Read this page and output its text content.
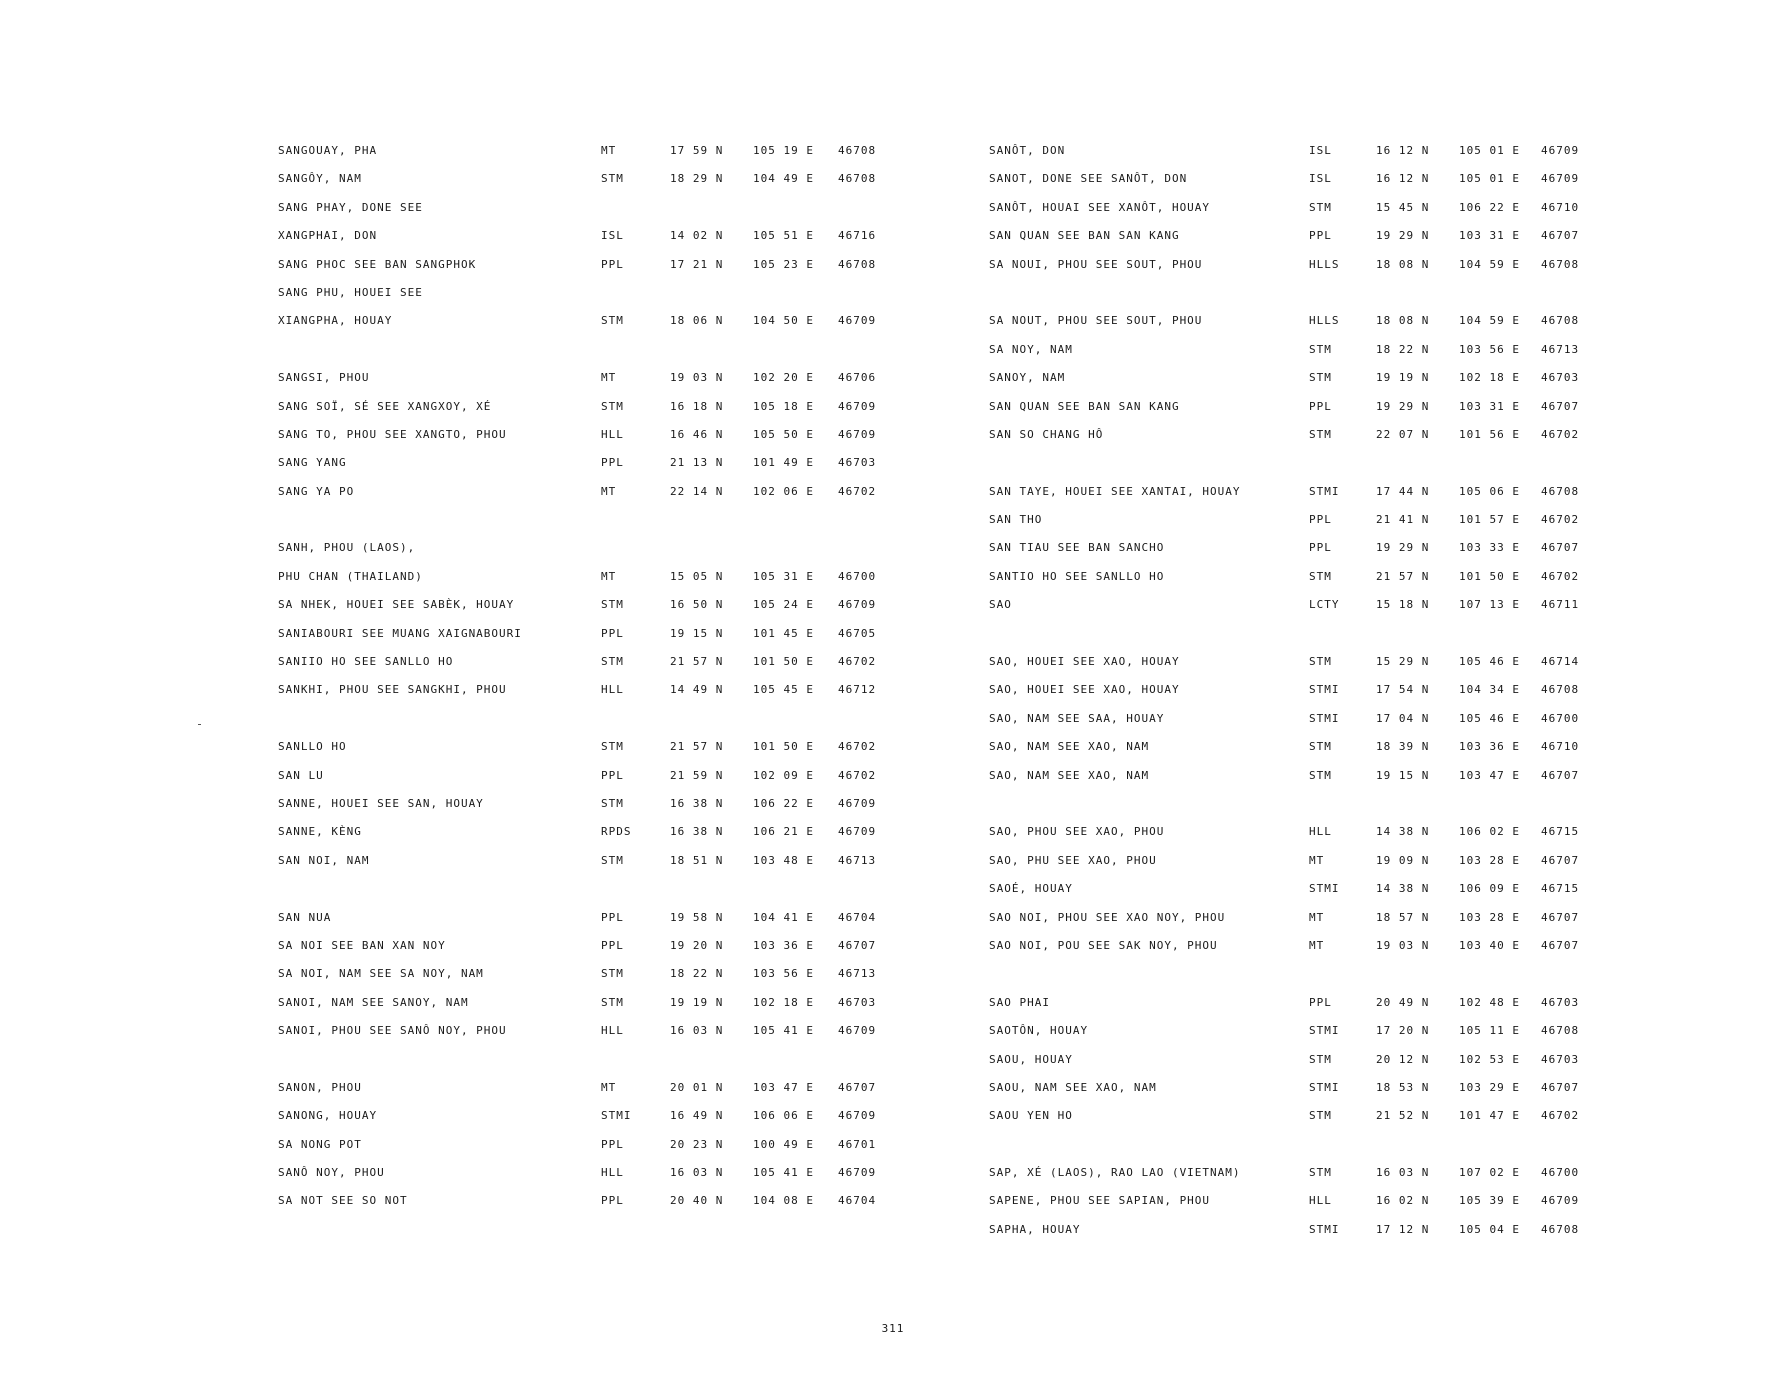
SANGOUAY, PHA	MT	17 59 N	105 19 E 46708
SANGÔY, NAM	STM	18 29 N	104 49 E 46708
SANG PHAY, DONE SEE
XANGPHAI, DON	ISL	14 02 N	105 51 E 46716
SANG PHOC SEE BAN SANGPHOK	PPL	17 21 N	105 23 E 46708
SANG PHU, HOUEI SEE
XIANGPHA, HOUAY	STM	18 06 N	104 50 E 46709
SANGSI, PHOU	MT	19 03 N	102 20 E 46706
SANG SOÏ, SÉ SEE XANGXOY, XÉ	STM	16 18 N	105 18 E 46709
SANG TO, PHOU SEE XANGTO, PHOU	HLL	16 46 N	105 50 E 46709
SANG YANG	PPL	21 13 N	101 49 E 46703
SANG YA PO	MT	22 14 N	102 06 E 46702
SANH, PHOU (LAOS),
PHU CHAN (THAILAND)	MT	15 05 N	105 31 E 46700
SA NHEK, HOUEI SEE SABÈK, HOUAY	STM	16 50 N	105 24 E 46709
SANIABOURI SEE MUANG XAIGNABOURI	PPL	19 15 N	101 45 E 46705
SANIIO HO SEE SANLLO HO	STM	21 57 N	101 50 E 46702
SANKHI, PHOU SEE SANGKHI, PHOU	HLL	14 49 N	105 45 E 46712
SANLLO HO	STM	21 57 N	101 50 E 46702
SAN LU	PPL	21 59 N	102 09 E 46702
SANNE, HOUEI SEE SAN, HOUAY	STM	16 38 N	106 22 E 46709
SANNE, KÈNG	RPDS	16 38 N	106 21 E 46709
SAN NOI, NAM	STM	18 51 N	103 48 E 46713
SAN NUA	PPL	19 58 N	104 41 E 46704
SA NOI SEE BAN XAN NOY	PPL	19 20 N	103 36 E 46707
SA NOI, NAM SEE SA NOY, NAM	STM	18 22 N	103 56 E 46713
SANOI, NAM SEE SANOY, NAM	STM	19 19 N	102 18 E 46703
SANOI, PHOU SEE SANÔ NOY, PHOU	HLL	16 03 N	105 41 E 46709
SANON, PHOU	MT	20 01 N	103 47 E 46707
SANONG, HOUAY	STMI	16 49 N	106 06 E 46709
SA NONG POT	PPL	20 23 N	100 49 E 46701
SANÔ NOY, PHOU	HLL	16 03 N	105 41 E 46709
SA NOT SEE SO NOT	PPL	20 40 N	104 08 E 46704
SANÔT, DON	ISL	16 12 N	105 01 E 46709
SANOT, DONE SEE SANÔT, DON	ISL	16 12 N	105 01 E 46709
SANÔT, HOUAI SEE XANÔT, HOUAY	STM	15 45 N	106 22 E 46710
SAN QUAN SEE BAN SAN KANG	PPL	19 29 N	103 31 E 46707
SA NOUI, PHOU SEE SOUT, PHOU	HLLS	18 08 N	104 59 E 46708
SA NOUT, PHOU SEE SOUT, PHOU	HLLS	18 08 N	104 59 E 46708
SA NOY, NAM	STM	18 22 N	103 56 E 46713
SANOY, NAM	STM	19 19 N	102 18 E 46703
SAN QUAN SEE BAN SAN KANG	PPL	19 29 N	103 31 E 46707
SAN SO CHANG HÔ	STM	22 07 N	101 56 E 46702
SAN TAYE, HOUEI SEE XANTAI, HOUAY	STMI	17 44 N	105 06 E 46708
SAN THO	PPL	21 41 N	101 57 E 46702
SAN TIAU SEE BAN SANCHO	PPL	19 29 N	103 33 E 46707
SANTIO HO SEE SANLLO HO	STM	21 57 N	101 50 E 46702
SAO	LCTY	15 18 N	107 13 E 46711
SAO, HOUEI SEE XAO, HOUAY	STM	15 29 N	105 46 E 46714
SAO, HOUEI SEE XAO, HOUAY	STMI	17 54 N	104 34 E 46708
SAO, NAM SEE SAA, HOUAY	STMI	17 04 N	105 46 E 46700
SAO, NAM SEE XAO, NAM	STM	18 39 N	103 36 E 46710
SAO, NAM SEE XAO, NAM	STM	19 15 N	103 47 E 46707
SAO, PHOU SEE XAO, PHOU	HLL	14 38 N	106 02 E 46715
SAO, PHU SEE XAO, PHOU	MT	19 09 N	103 28 E 46707
SAOÉ, HOUAY	STMI	14 38 N	106 09 E 46715
SAO NOI, PHOU SEE XAO NOY, PHOU	MT	18 57 N	103 28 E 46707
SAO NOI, POU SEE SAK NOY, PHOU	MT	19 03 N	103 40 E 46707
SAO PHAI	PPL	20 49 N	102 48 E 46703
SAOTÔN, HOUAY	STMI	17 20 N	105 11 E 46708
SAOU, HOUAY	STM	20 12 N	102 53 E 46703
SAOU, NAM SEE XAO, NAM	STMI	18 53 N	103 29 E 46707
SAOU YEN HO	STM	21 52 N	101 47 E 46702
SAP, XÉ (LAOS), RAO LAO (VIETNAM)	STM	16 03 N	107 02 E 46700
SAPENE, PHOU SEE SAPIAN, PHOU	HLL	16 02 N	105 39 E 46709
SAPHA, HOUAY	STMI	17 12 N	105 04 E 46708
311
